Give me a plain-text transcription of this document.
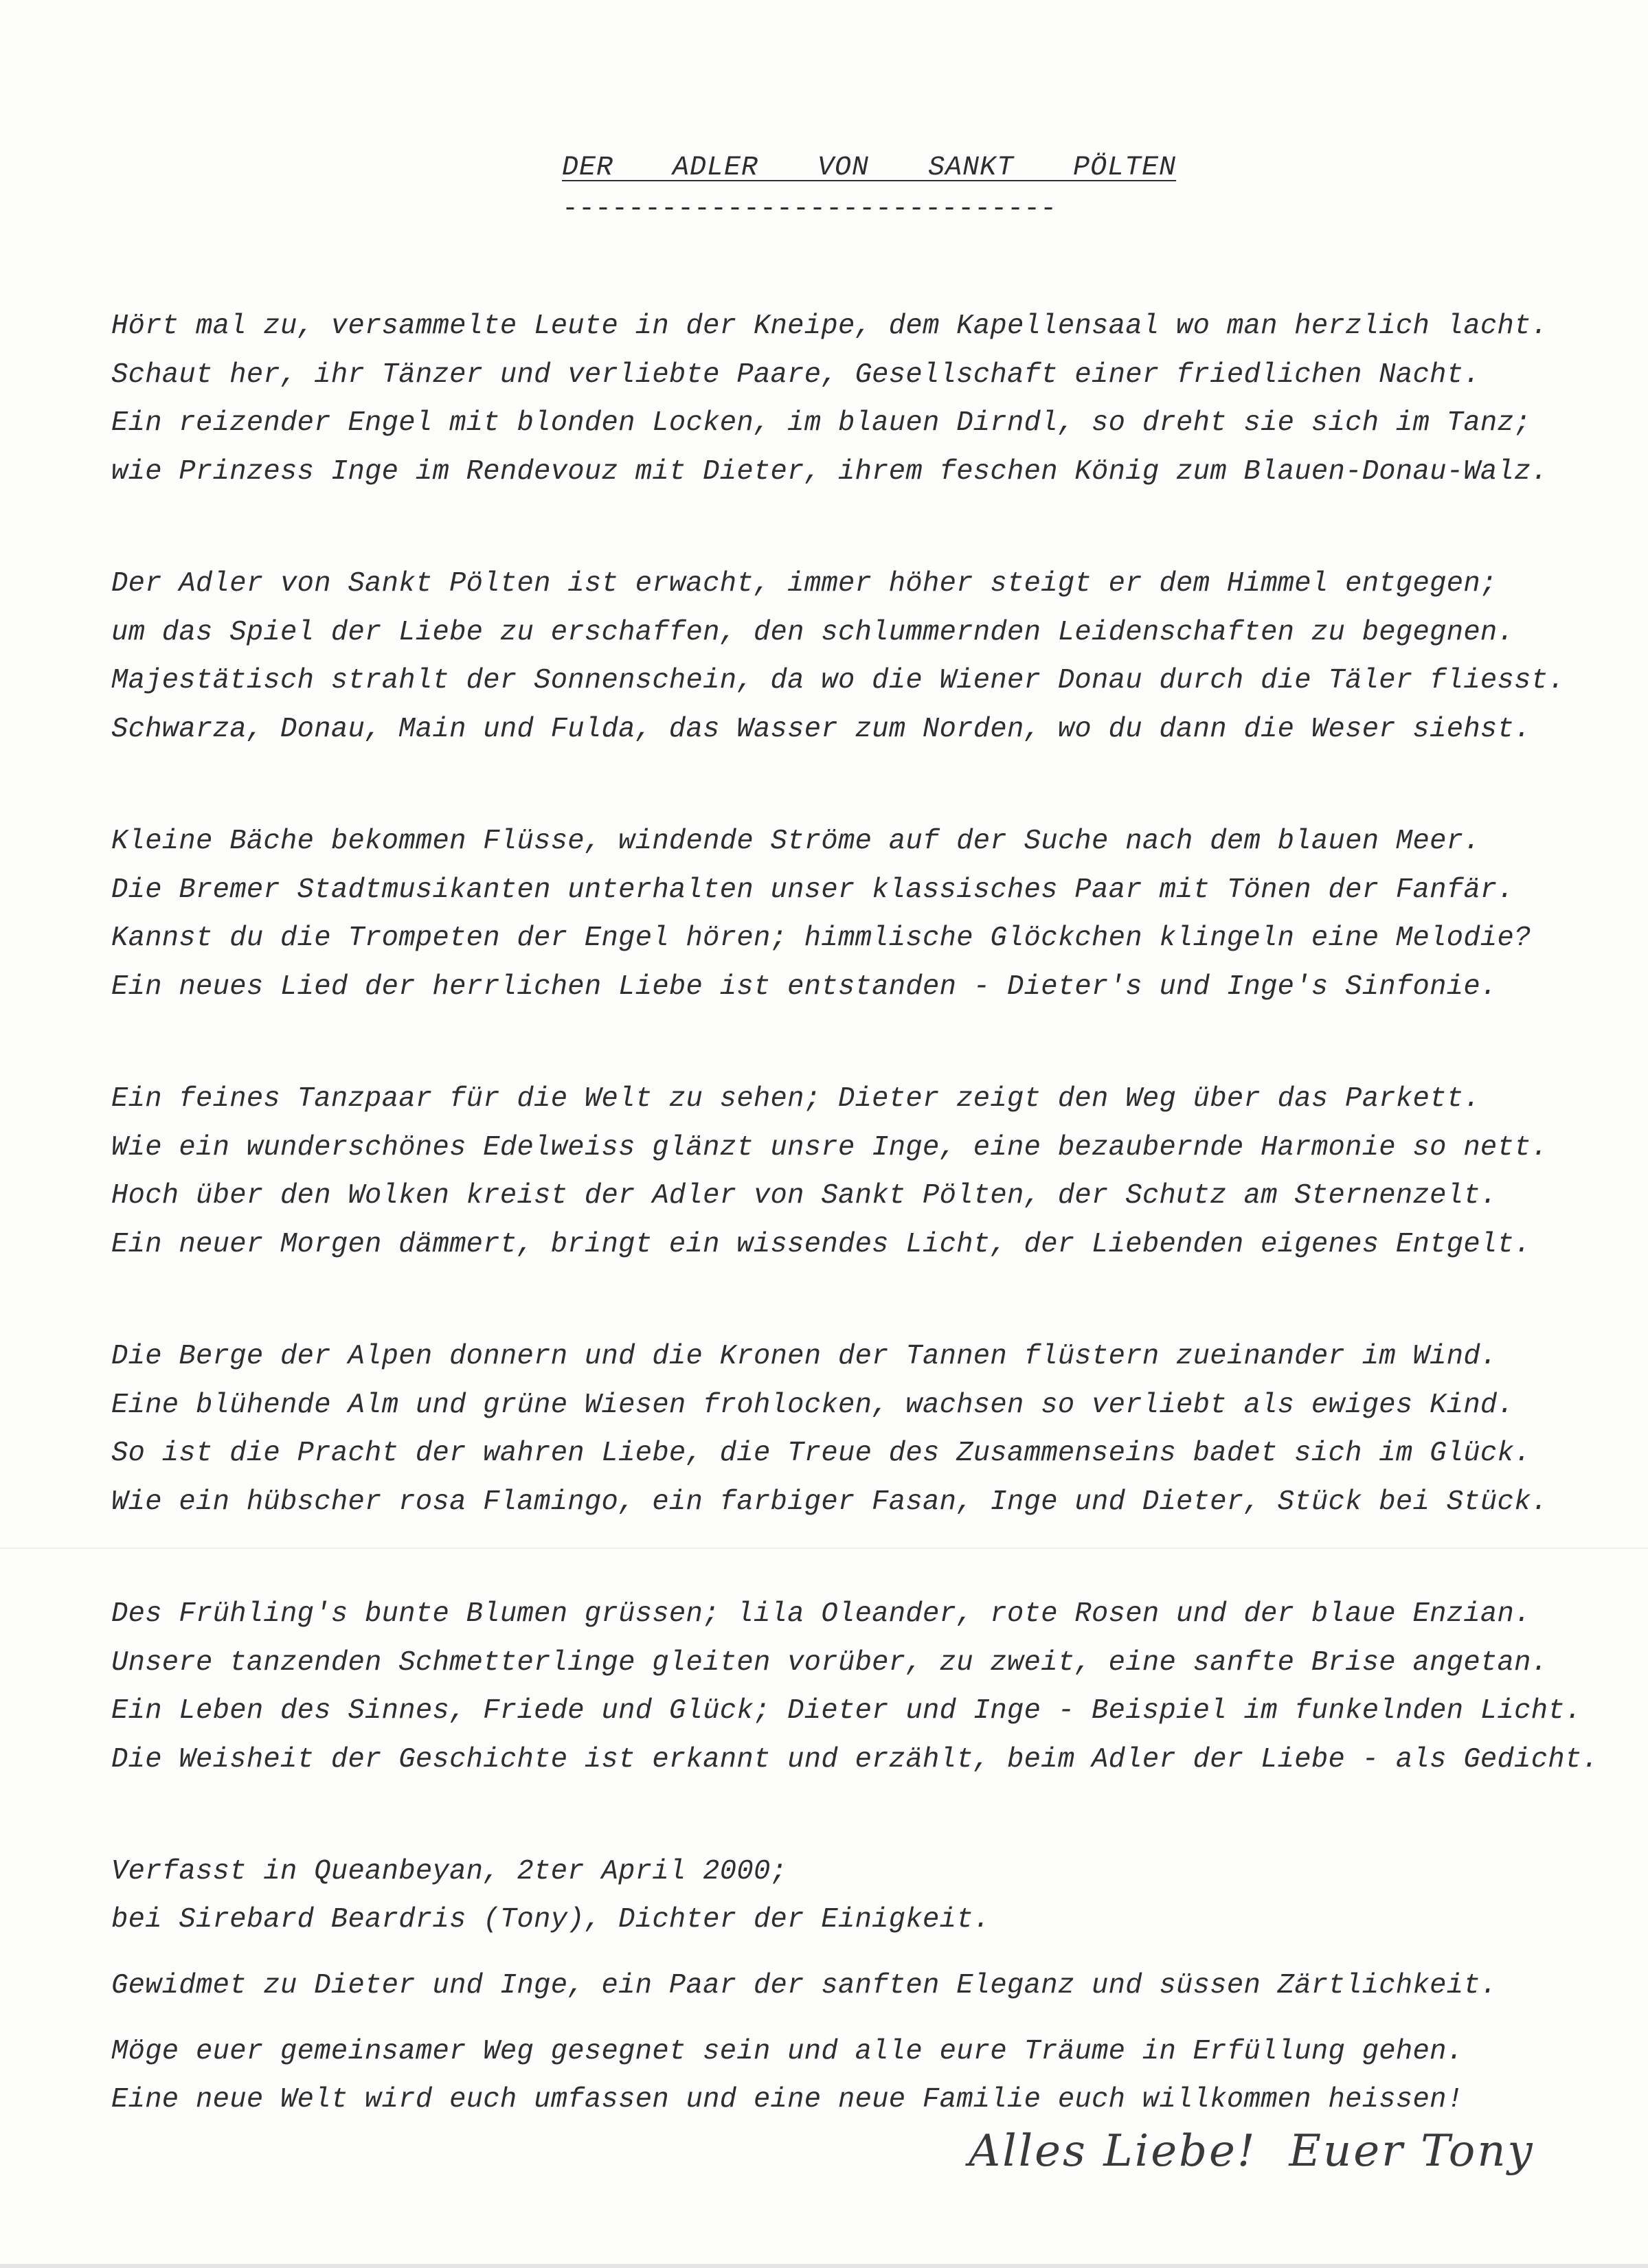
DER  ADLER  VON  SANKT  PÖLTEN
------------------------------
Hört mal zu, versammelte Leute in der Kneipe, dem Kapellensaal wo man herzlich lacht.
Schaut her, ihr Tänzer und verliebte Paare, Gesellschaft einer friedlichen Nacht.
Ein reizender Engel mit blonden Locken, im blauen Dirndl, so dreht sie sich im Tanz;
wie Prinzess Inge im Rendevouz mit Dieter, ihrem feschen König zum Blauen-Donau-Walz.
Der Adler von Sankt Pölten ist erwacht, immer höher steigt er dem Himmel entgegen;
um das Spiel der Liebe zu erschaffen, den schlummernden Leidenschaften zu begegnen.
Majestätisch strahlt der Sonnenschein, da wo die Wiener Donau durch die Täler fliesst.
Schwarza, Donau, Main und Fulda, das Wasser zum Norden, wo du dann die Weser siehst.
Kleine Bäche bekommen Flüsse, windende Ströme auf der Suche nach dem blauen Meer.
Die Bremer Stadtmusikanten unterhalten unser klassisches Paar mit Tönen der Fanfär.
Kannst du die Trompeten der Engel hören; himmlische Glöckchen klingeln eine Melodie?
Ein neues Lied der herrlichen Liebe ist entstanden - Dieter's und Inge's Sinfonie.
Ein feines Tanzpaar für die Welt zu sehen; Dieter zeigt den Weg über das Parkett.
Wie ein wunderschönes Edelweiss glänzt unsre Inge, eine bezaubernde Harmonie so nett.
Hoch über den Wolken kreist der Adler von Sankt Pölten, der Schutz am Sternenzelt.
Ein neuer Morgen dämmert, bringt ein wissendes Licht, der Liebenden eigenes Entgelt.
Die Berge der Alpen donnern und die Kronen der Tannen flüstern zueinander im Wind.
Eine blühende Alm und grüne Wiesen frohlocken, wachsen so verliebt als ewiges Kind.
So ist die Pracht der wahren Liebe, die Treue des Zusammenseins badet sich im Glück.
Wie ein hübscher rosa Flamingo, ein farbiger Fasan, Inge und Dieter, Stück bei Stück.
Des Frühling's bunte Blumen grüssen; lila Oleander, rote Rosen und der blaue Enzian.
Unsere tanzenden Schmetterlinge gleiten vorüber, zu zweit, eine sanfte Brise angetan.
Ein Leben des Sinnes, Friede und Glück; Dieter und Inge - Beispiel im funkelnden Licht.
Die Weisheit der Geschichte ist erkannt und erzählt, beim Adler der Liebe - als Gedicht.
Verfasst in Queanbeyan, 2ter April 2000;
bei Sirebard Beardris (Tony), Dichter der Einigkeit.
Gewidmet zu Dieter und Inge, ein Paar der sanften Eleganz und süssen Zärtlichkeit.
Möge euer gemeinsamer Weg gesegnet sein und alle eure Träume in Erfüllung gehen.
Eine neue Welt wird euch umfassen und eine neue Familie euch willkommen heissen!
Alles Liebe!  Euer Tony
